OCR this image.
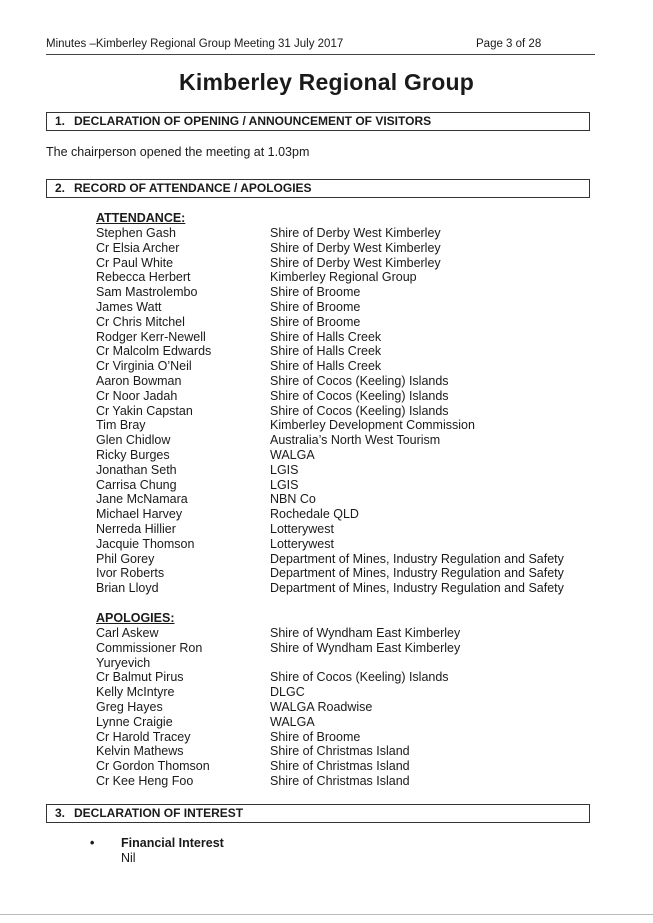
Minutes –Kimberley Regional Group Meeting 31 July 2017	Page 3 of 28
Kimberley Regional Group
1. DECLARATION OF OPENING / ANNOUNCEMENT OF VISITORS
The chairperson opened the meeting at 1.03pm
2. RECORD OF ATTENDANCE / APOLOGIES
ATTENDANCE:
Stephen Gash	Shire of Derby West Kimberley
Cr Elsia Archer	Shire of Derby West Kimberley
Cr Paul White	Shire of Derby West Kimberley
Rebecca Herbert	Kimberley Regional Group
Sam Mastrolembo	Shire of Broome
James Watt	Shire of Broome
Cr Chris Mitchel	Shire of Broome
Rodger Kerr-Newell	Shire of Halls Creek
Cr Malcolm Edwards	Shire of Halls Creek
Cr Virginia O’Neil	Shire of Halls Creek
Aaron Bowman	Shire of Cocos (Keeling) Islands
Cr Noor Jadah	Shire of Cocos (Keeling) Islands
Cr Yakin Capstan	Shire of Cocos (Keeling) Islands
Tim Bray	Kimberley Development Commission
Glen Chidlow	Australia’s North West Tourism
Ricky Burges	WALGA
Jonathan Seth	LGIS
Carrisa Chung	LGIS
Jane McNamara	NBN Co
Michael Harvey	Rochedale QLD
Nerreda Hillier	Lotterywest
Jacquie Thomson	Lotterywest
Phil Gorey	Department of Mines, Industry Regulation and Safety
Ivor Roberts	Department of Mines, Industry Regulation and Safety
Brian Lloyd	Department of Mines, Industry Regulation and Safety
APOLOGIES:
Carl Askew	Shire of Wyndham East Kimberley
Commissioner Ron	Shire of Wyndham East Kimberley
Yuryevich
Cr Balmut Pirus	Shire of Cocos (Keeling) Islands
Kelly McIntyre	DLGC
Greg Hayes	WALGA Roadwise
Lynne Craigie	WALGA
Cr Harold Tracey	Shire of Broome
Kelvin Mathews	Shire of Christmas Island
Cr Gordon Thomson	Shire of Christmas Island
Cr Kee Heng Foo	Shire of Christmas Island
3. DECLARATION OF INTEREST
• Financial Interest
Nil
